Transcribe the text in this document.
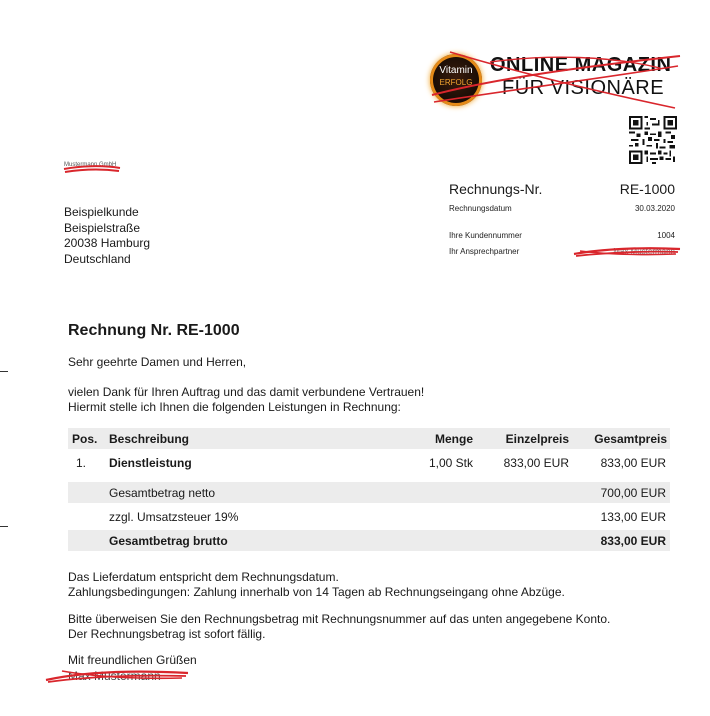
Vitamin
ERFOLG
ONLINE MAGAZIN
FÜR VISIONÄRE
Mustermann GmbH
Beispielkunde
Beispielstraße
20038 Hamburg
Deutschland
Rechnungs-Nr.	RE-1000
Rechnungsdatum	30.03.2020
Ihre Kundennummer	1004
Ihr Ansprechpartner	Max Mustermann
Rechnung Nr. RE-1000
Sehr geehrte Damen und Herren,
vielen Dank für Ihren Auftrag und das damit verbundene Vertrauen!
Hiermit stelle ich Ihnen die folgenden Leistungen in Rechnung:
Pos. Beschreibung	Menge	Einzelpreis	Gesamtpreis
1. Dienstleistung	1,00 Stk	833,00 EUR	833,00 EUR
Gesamtbetrag netto	700,00 EUR
zzgl. Umsatzsteuer 19%	133,00 EUR
Gesamtbetrag brutto	833,00 EUR
Das Lieferdatum entspricht dem Rechnungsdatum.
Zahlungsbedingungen: Zahlung innerhalb von 14 Tagen ab Rechnungseingang ohne Abzüge.
Bitte überweisen Sie den Rechnungsbetrag mit Rechnungsnummer auf das unten angegebene Konto.
Der Rechnungsbetrag ist sofort fällig.
Mit freundlichen Grüßen
Max Mustermann
